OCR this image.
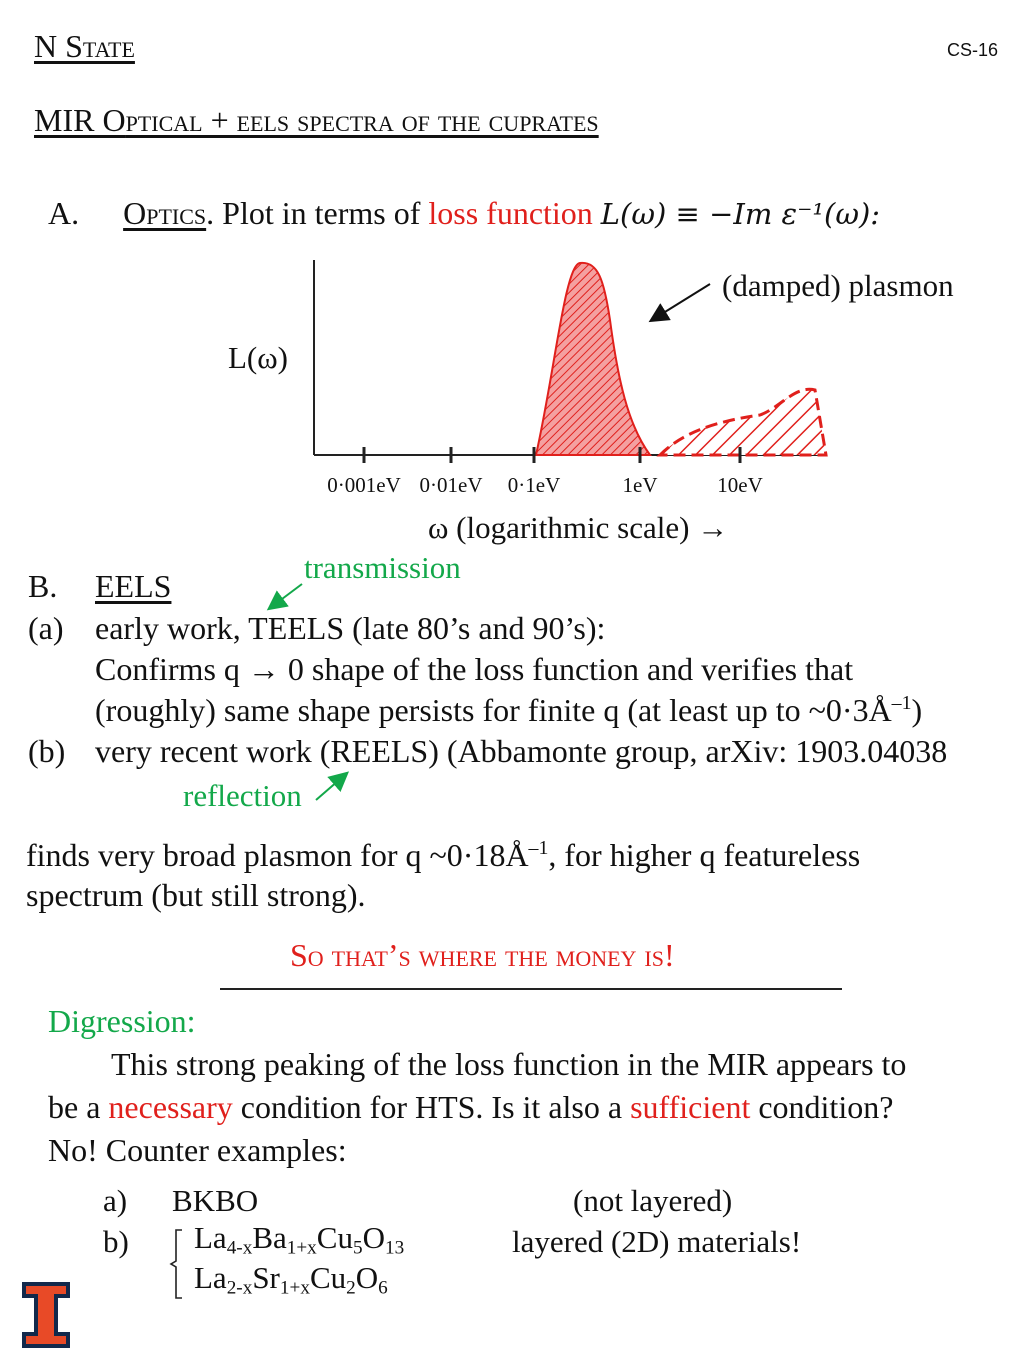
N State	CS-16
MIR Optical + eels spectra of the cuprates
A. Optics. Plot in terms of loss function L(ω) ≡ −Im ε⁻¹(ω):
L(ω)
(damped) plasmon
0·001eV 0·01eV 0·1eV	1eV	10eV
ω (logarithmic scale) →
transmission
B. EELS
(a) early work, TEELS (late 80’s and 90’s):
Confirms q → 0 shape of the loss function and verifies that
(roughly) same shape persists for finite q (at least up to $\sim 0\cdot 3Å^{-1}$)
(b) very recent work (REELS) (Abbamonte group, arXiv: 1903.04038
reflection
finds very broad plasmon for q $\sim 0\cdot 18Å^{-1}$, for higher q featureless
spectrum (but still strong).
So that’s where the money is!
Digression:
This strong peaking of the loss function in the MIR appears to
be a necessary condition for HTS. Is it also a sufficient condition?
No! Counter examples:
a) BKBO	(not layered)
b) $La_{4-x}Ba_{1+x}Cu_5O_{13}$
$La_{2-x}Sr_{1+x}Cu_2O_6$
layered (2D) materials!
